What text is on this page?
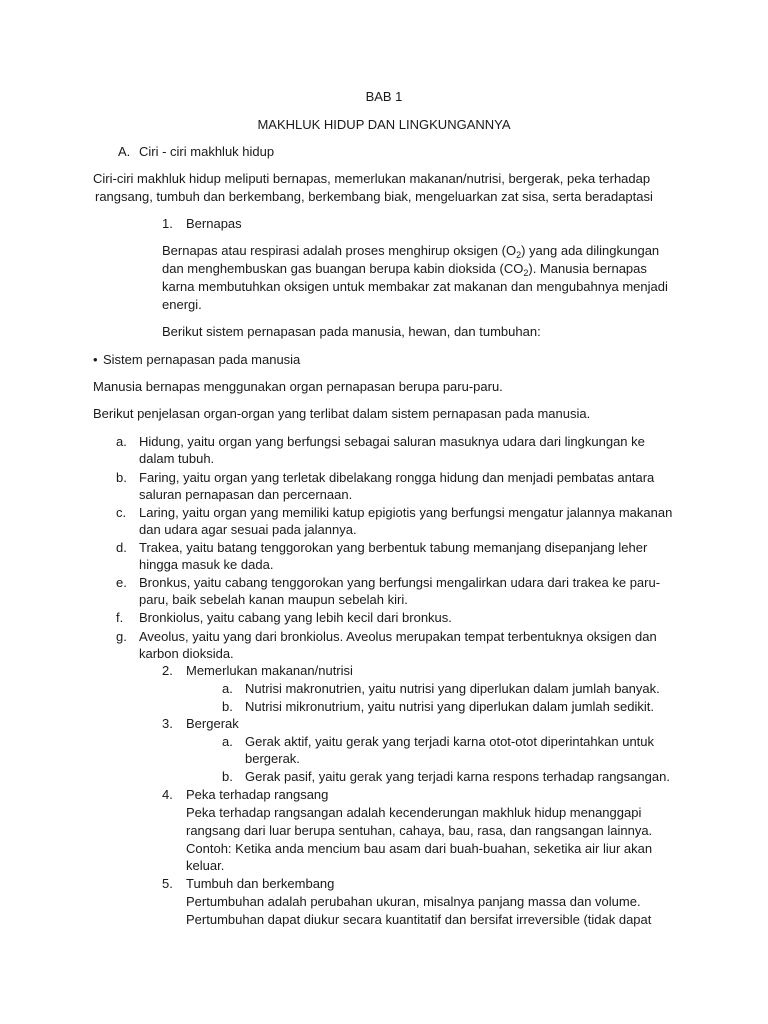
BAB 1
MAKHLUK HIDUP DAN LINGKUNGANNYA
A. Ciri - ciri makhluk hidup
Ciri-ciri makhluk hidup meliputi bernapas, memerlukan makanan/nutrisi, bergerak, peka terhadap
rangsang, tumbuh dan berkembang, berkembang biak, mengeluarkan zat sisa, serta beradaptasi
1. Bernapas
Bernapas atau respirasi adalah proses menghirup oksigen $(O_2)$ yang ada dilingkungan
dan menghembuskan gas buangan berupa kabin dioksida $(CO_2)$. Manusia bernapas
karna membutuhkan oksigen untuk membakar zat makanan dan mengubahnya menjadi
energi.
Berikut sistem pernapasan pada manusia, hewan, dan tumbuhan:
• Sistem pernapasan pada manusia
Manusia bernapas menggunakan organ pernapasan berupa paru-paru.
Berikut penjelasan organ-organ yang terlibat dalam sistem pernapasan pada manusia.
a. Hidung, yaitu organ yang berfungsi sebagai saluran masuknya udara dari lingkungan ke
dalam tubuh.
b. Faring, yaitu organ yang terletak dibelakang rongga hidung dan menjadi pembatas antara
saluran pernapasan dan percernaan.
c. Laring, yaitu organ yang memiliki katup epigiotis yang berfungsi mengatur jalannya makanan
dan udara agar sesuai pada jalannya.
d. Trakea, yaitu batang tenggorokan yang berbentuk tabung memanjang disepanjang leher
hingga masuk ke dada.
e. Bronkus, yaitu cabang tenggorokan yang berfungsi mengalirkan udara dari trakea ke paru-
paru, baik sebelah kanan maupun sebelah kiri.
f. Bronkiolus, yaitu cabang yang lebih kecil dari bronkus.
g. Aveolus, yaitu yang dari bronkiolus. Aveolus merupakan tempat terbentuknya oksigen dan
karbon dioksida.
2. Memerlukan makanan/nutrisi
a. Nutrisi makronutrien, yaitu nutrisi yang diperlukan dalam jumlah banyak.
b. Nutrisi mikronutrium, yaitu nutrisi yang diperlukan dalam jumlah sedikit.
3. Bergerak
a. Gerak aktif, yaitu gerak yang terjadi karna otot-otot diperintahkan untuk
bergerak.
b. Gerak pasif, yaitu gerak yang terjadi karna respons terhadap rangsangan.
4. Peka terhadap rangsang
Peka terhadap rangsangan adalah kecenderungan makhluk hidup menanggapi
rangsang dari luar berupa sentuhan, cahaya, bau, rasa, dan rangsangan lainnya.
Contoh: Ketika anda mencium bau asam dari buah-buahan, seketika air liur akan
keluar.
5. Tumbuh dan berkembang
Pertumbuhan adalah perubahan ukuran, misalnya panjang massa dan volume.
Pertumbuhan dapat diukur secara kuantitatif dan bersifat irreversible (tidak dapat
